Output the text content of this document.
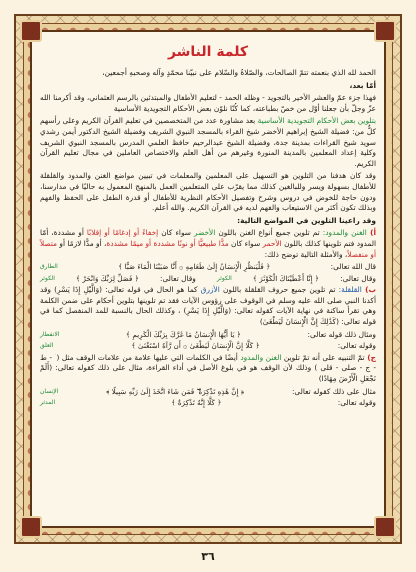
كلمة الناشر
الحمد لله الذي بنعمته تتمّ الصالحات، والصّلاةُ والسّلام على نبيّنا محمّدٍ وآله وصحبهِ أجمعين،
أمّا بعد،
فهذا جزء عمّ والعشر الأخير بالتجويد - وظله الحمد - لتعليم الأطفال والمبتدئين بالرسم العثماني، وقد أكرمنا الله عزّ وجلّ بأن جعلنا أوّل من خصّ بطباعته، كما كُنّا نلوّن بعض الأحكام التجويدية الأساسية
بتلوين بعض الأحكام التجويدية الأساسية بعد مشاورة عدد من المتخصصين في تعليم القرآن الكريم وعلى رأسهم كلٌّ من: فضيلة الشيخ إبراهيم الأخضر شيخ القراء بالمسجد النبوي الشريف وفضيلة الشيخ الدكتور أيمن رشدي سويد شيخ القراءات بمدينة جدة، وفضيلة الشيخ عبدالرحيم حافظ العلمي المدرس بالمسجد النبوي الشريف وكلية إعداد المعلمين بالمدينة المنورة وغيرهم من أهل العلم والاختصاص العاملين في مجال تعليم القرآن الكريم.
وقد كان هدفنا من التلوين هو التسهيل على المعلمين والمعلمات في تبيين مواضع الغنن والمدود والقلقلة للأطفال بسهولة ويسر وللبالغين كذلك مما يقرّب على المتعلمين العمل بالمنهج المعمول به حاليًا في مدارسنا، ودون حاجة للخوض في دروس وشرح وتفصيل الأحكام النظرية للأطفال أو قدرة الطفل على الحفظ والفهم وبذلك تكون أكثر من الاستيعاب والفهم لديه في القرآن الكريم. والله أعلم.
وقد راعينا التلوين في المواضع التالية:
أ) الغنن والمدود: تم تلوين جميع أنواع الغنن باللون الأخضر سواء كان إخفاءً أو إدغامًا أو إقلابًا أو مشددة، أمّا المدود فتم تلوينها كذلك باللون الأحمر سواء كان مدًّا طبيعيًّا أو نونًا مشددة أو ميمًا مشددة، أو مدًّا لازمًا أو متصلاً أو منفصلاً، والأمثلة التالية توضح ذلك:
قال الله تعالى:
﴿ فَلْيَنظُرِ الْإِنسَانُ إِلَىٰ طَعَامِهِ ۞ أَنَّا صَبَبْنَا الْمَاءَ صَبًّا ﴾
الطارق
وقال تعالى:
﴿ إِنَّا أَعْطَيْنَاكَ الْكَوْثَرَ ﴾
الكوثر
وقال تعالى:
﴿ فَصَلِّ لِرَبِّكَ وَانْحَرْ ﴾
الكوثر
ب) القلقلة: تم تلوين جميع حروف القلقلة باللون الأزرق كما هو الحال في قوله تعالى: (وَالَّيْلِ إِذَا يَسْرِ) وقد أكدنا النبي صلى الله عليه وسلم في الوقوف على رؤوس الآيات فقد تم تلوينها بتلوين أحكام على ضمن الكلمة وهي تقرأ ساكنة في نهاية الآيات كقوله تعالى: (وَالَّيْلِ إِذَا يَسْرِ) ، وكذلك الحال بالنسبة للمد المنفصل كما في قوله تعالى: (كَذَٰلِكَ إِنَّ الْإِنسَانَ لَيَطْغَىٰ)
ومثال ذلك قوله تعالى:
﴿ يَا أَيُّهَا الْإِنسَانُ مَا غَرَّكَ بِرَبِّكَ الْكَرِيمِ ﴾
الانفطار
وقوله تعالى:
﴿ كَلَّا إِنَّ الْإِنسَانَ لَيَطْغَىٰ ۞ أَن رَّآهُ اسْتَغْنَىٰ ﴾
العلق
ج) تمّ التنبيه على أنه تمّ تلوين الغنن والمدود أيضًا في الكلمات التي عليها علامة من علامات الوقف مثل ( ۛ - ط - ج - صلى - قلى ) وذلك لأن الوقف هو في بلوغ الأصل في أداء القراءة، مثال على ذلك كقوله تعالى: (أَلَمْ نَجْعَلِ الْأَرْضَ مِهَادًا)
مثال على ذلك كقوله تعالى:
﴿ إِنَّ هَٰذِهِ تَذْكِرَةٌ ۖ فَمَن شَاءَ اتَّخَذَ إِلَىٰ رَبِّهِ سَبِيلًا ﴾
الإنسان
وقوله تعالى:
﴿ كَلَّا إِنَّهُ تَذْكِرَةٌ ﴾
المدثر
٣٦
